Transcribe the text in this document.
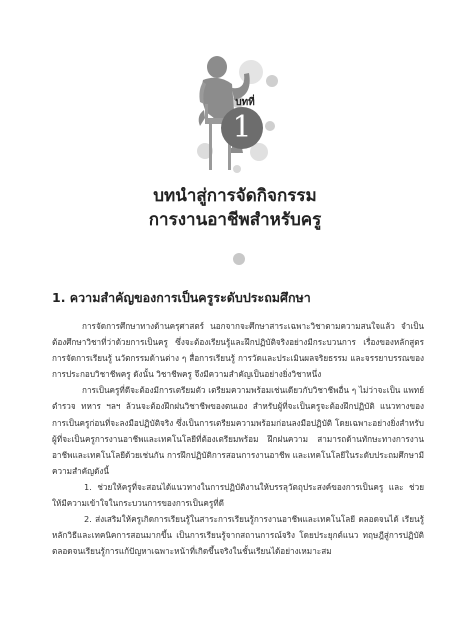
บทที่
1
บทนำสู่การจัดกิจกรรม
การงานอาชีพสำหรับครู
1. ความสำคัญของการเป็นครูระดับประถมศึกษา

การจัดการศึกษาทางด้านครุศาสตร์ นอกจากจะศึกษาสาระเฉพาะวิชาตามความสนใจแล้ว จำเป็นต้องศึกษาวิชาที่ว่าด้วยการเป็นครู ซึ่งจะต้องเรียนรู้และฝึกปฏิบัติจริงอย่างมีกระบวนการ เรื่องของหลักสูตรการจัดการเรียนรู้ นวัตกรรมด้านต่าง ๆ สื่อการเรียนรู้ การวัดและประเมินผลจริยธรรม และจรรยาบรรณของการประกอบวิชาชีพครู ดังนั้น วิชาชีพครู จึงมีความสำคัญเป็นอย่างยิ่งวิชาหนึ่ง

การเป็นครูที่ดีจะต้องมีการเตรียมตัว เตรียมความพร้อมเช่นเดียวกับวิชาชีพอื่น ๆ ไม่ว่าจะเป็น แพทย์ ตำรวจ ทหาร ฯลฯ ล้วนจะต้องฝึกฝนวิชาชีพของตนเอง สำหรับผู้ที่จะเป็นครูจะต้องฝึกปฏิบัติ แนวทางของการเป็นครูก่อนที่จะลงมือปฏิบัติจริง ซึ่งเป็นการเตรียมความพร้อมก่อนลงมือปฏิบัติ โดยเฉพาะอย่างยิ่งสำหรับผู้ที่จะเป็นครูการงานอาชีพและเทคโนโลยีที่ต้องเตรียมพร้อม ฝึกฝนความ สามารถด้านทักษะทางการงานอาชีพและเทคโนโลยีด้วยเช่นกัน การฝึกปฏิบัติการสอนการงานอาชีพ และเทคโนโลยีในระดับประถมศึกษามีความสำคัญดังนี้

1. ช่วยให้ครูที่จะสอนได้แนวทางในการปฏิบัติงานให้บรรลุวัตถุประสงค์ของการเป็นครู และ ช่วยให้มีความเข้าใจในกระบวนการของการเป็นครูที่ดี

2. ส่งเสริมให้ครูเกิดการเรียนรู้ในสาระการเรียนรู้การงานอาชีพและเทคโนโลยี ตลอดจนได้ เรียนรู้หลักวิธีและเทคนิคการสอนมากขึ้น เป็นการเรียนรู้จากสถานการณ์จริง โดยประยุกต์แนว ทฤษฎีสู่การปฏิบัติตลอดจนเรียนรู้การแก้ปัญหาเฉพาะหน้าที่เกิดขึ้นจริงในชั้นเรียนได้อย่างเหมาะสม
